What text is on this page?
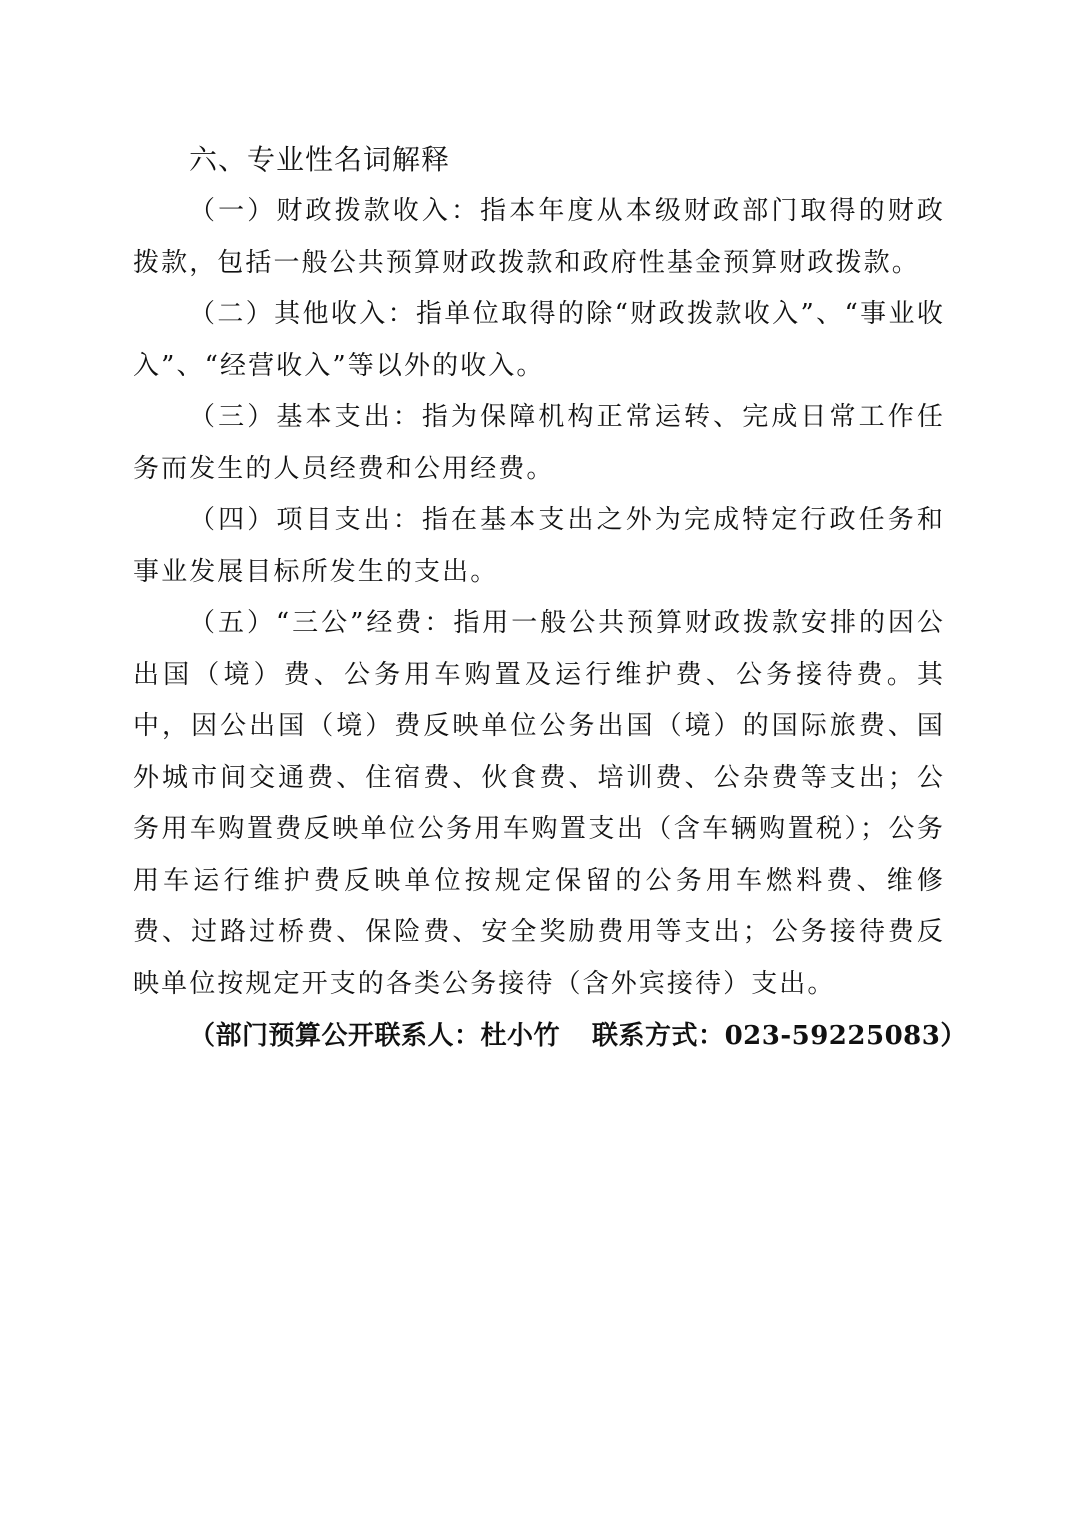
六、专业性名词解释

（一）财政拨款收入：指本年度从本级财政部门取得的财政拨款，包括一般公共预算财政拨款和政府性基金预算财政拨款。

（二）其他收入：指单位取得的除“财政拨款收入”、“事业收入”、“经营收入”等以外的收入。

（三）基本支出：指为保障机构正常运转、完成日常工作任务而发生的人员经费和公用经费。

（四）项目支出：指在基本支出之外为完成特定行政任务和事业发展目标所发生的支出。

（五）“三公”经费：指用一般公共预算财政拨款安排的因公出国（境）费、公务用车购置及运行维护费、公务接待费。其中，因公出国（境）费反映单位公务出国（境）的国际旅费、国外城市间交通费、住宿费、伙食费、培训费、公杂费等支出；公务用车购置费反映单位公务用车购置支出（含车辆购置税）；公务用车运行维护费反映单位按规定保留的公务用车燃料费、维修费、过路过桥费、保险费、安全奖励费用等支出；公务接待费反映单位按规定开支的各类公务接待（含外宾接待）支出。

（部门预算公开联系人：杜小竹 联系方式：023-59225083）
